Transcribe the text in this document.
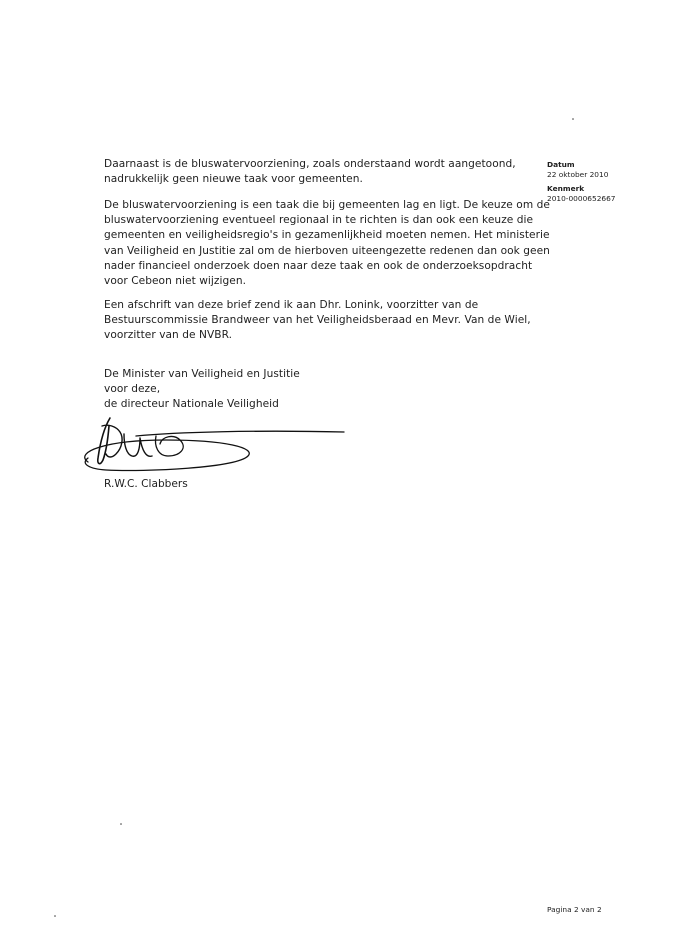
Datum
22 oktober 2010
Kenmerk
2010-0000652667

Daarnaast is de bluswatervoorziening, zoals onderstaand wordt aangetoond,
nadrukkelijk geen nieuwe taak voor gemeenten.

De bluswatervoorziening is een taak die bij gemeenten lag en ligt. De keuze om de
bluswatervoorziening eventueel regionaal in te richten is dan ook een keuze die
gemeenten en veiligheidsregio's in gezamenlijkheid moeten nemen. Het ministerie
van Veiligheid en Justitie zal om de hierboven uiteengezette redenen dan ook geen
nader financieel onderzoek doen naar deze taak en ook de onderzoeksopdracht
voor Cebeon niet wijzigen.

Een afschrift van deze brief zend ik aan Dhr. Lonink, voorzitter van de
Bestuurscommissie Brandweer van het Veiligheidsberaad en Mevr. Van de Wiel,
voorzitter van de NVBR.

De Minister van Veiligheid en Justitie
voor deze,
de directeur Nationale Veiligheid

R.W.C. Clabbers

Pagina 2 van 2
